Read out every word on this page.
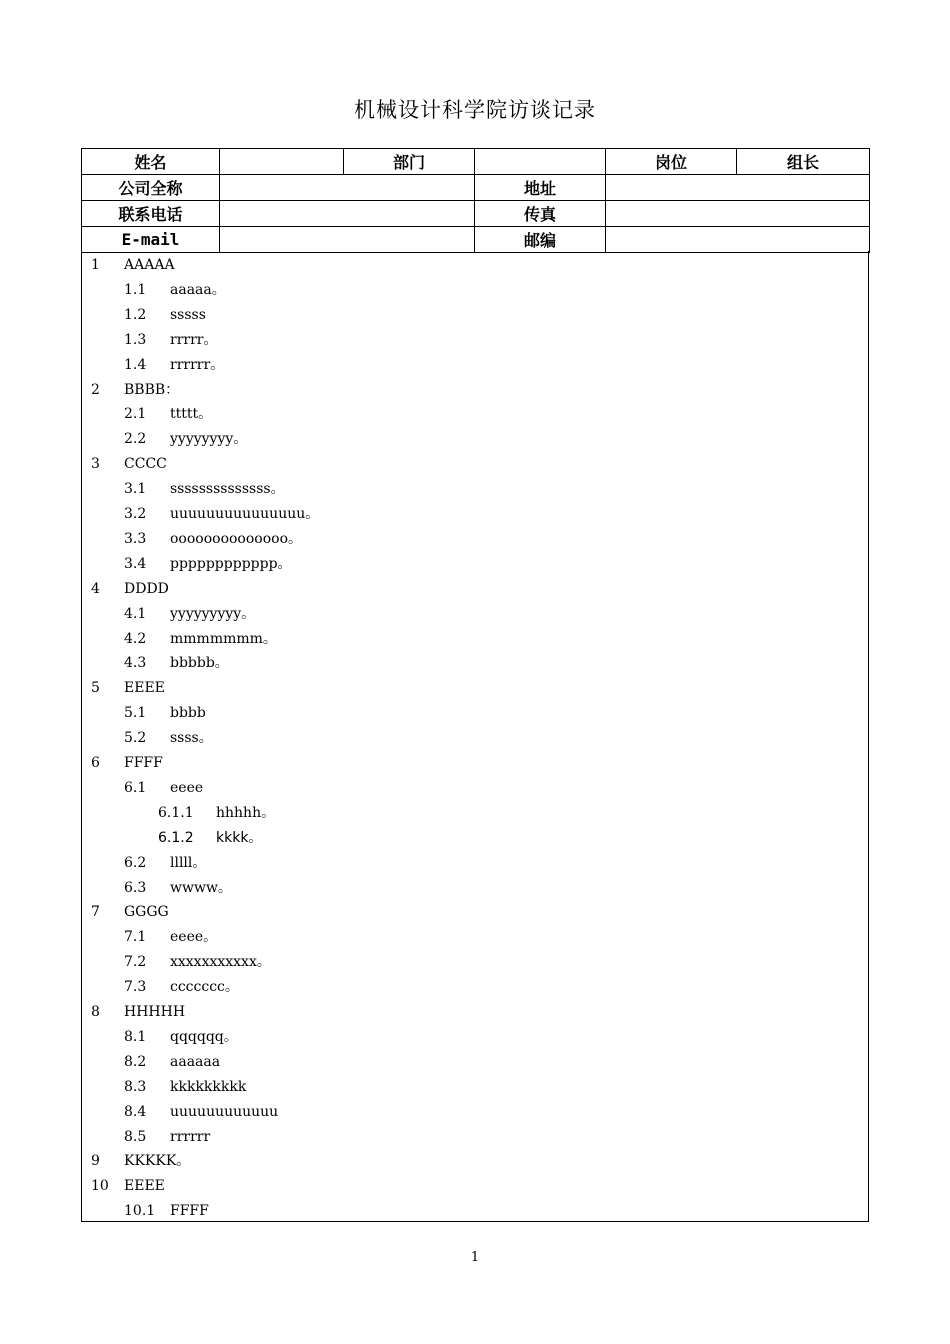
机械设计科学院访谈记录
姓名		部门		岗位	组长
公司全称			地址		
联系电话			传真		
E-mail			邮编		
1 AAAAA
1.1 aaaaa。
1.2 sssss
1.3 rrrrr。
1.4 rrrrrr。
2 BBBB：
2.1 ttttt。
2.2 yyyyyyyy。
3 CCCC
3.1 ssssssssssssss。
3.2 uuuuuuuuuuuuuuu。
3.3 oooooooooooooo。
3.4 pppppppppppp。
4 DDDD
4.1 yyyyyyyyy。
4.2 mmmmmmm。
4.3 bbbbb。
5 EEEE
5.1 bbbb
5.2 ssss。
6 FFFF
6.1 eeee
6.1.1 hhhhh。
6.1.2 kkkk。
6.2 lllll。
6.3 wwww。
7 GGGG
7.1 eeee。
7.2 xxxxxxxxxxx。
7.3 ccccccc。
8 HHHHH
8.1 qqqqqq。
8.2 aaaaaa
8.3 kkkkkkkkk
8.4 uuuuuuuuuuuu
8.5 rrrrrr
9 KKKKK。
10 EEEE
10.1 FFFF
1
